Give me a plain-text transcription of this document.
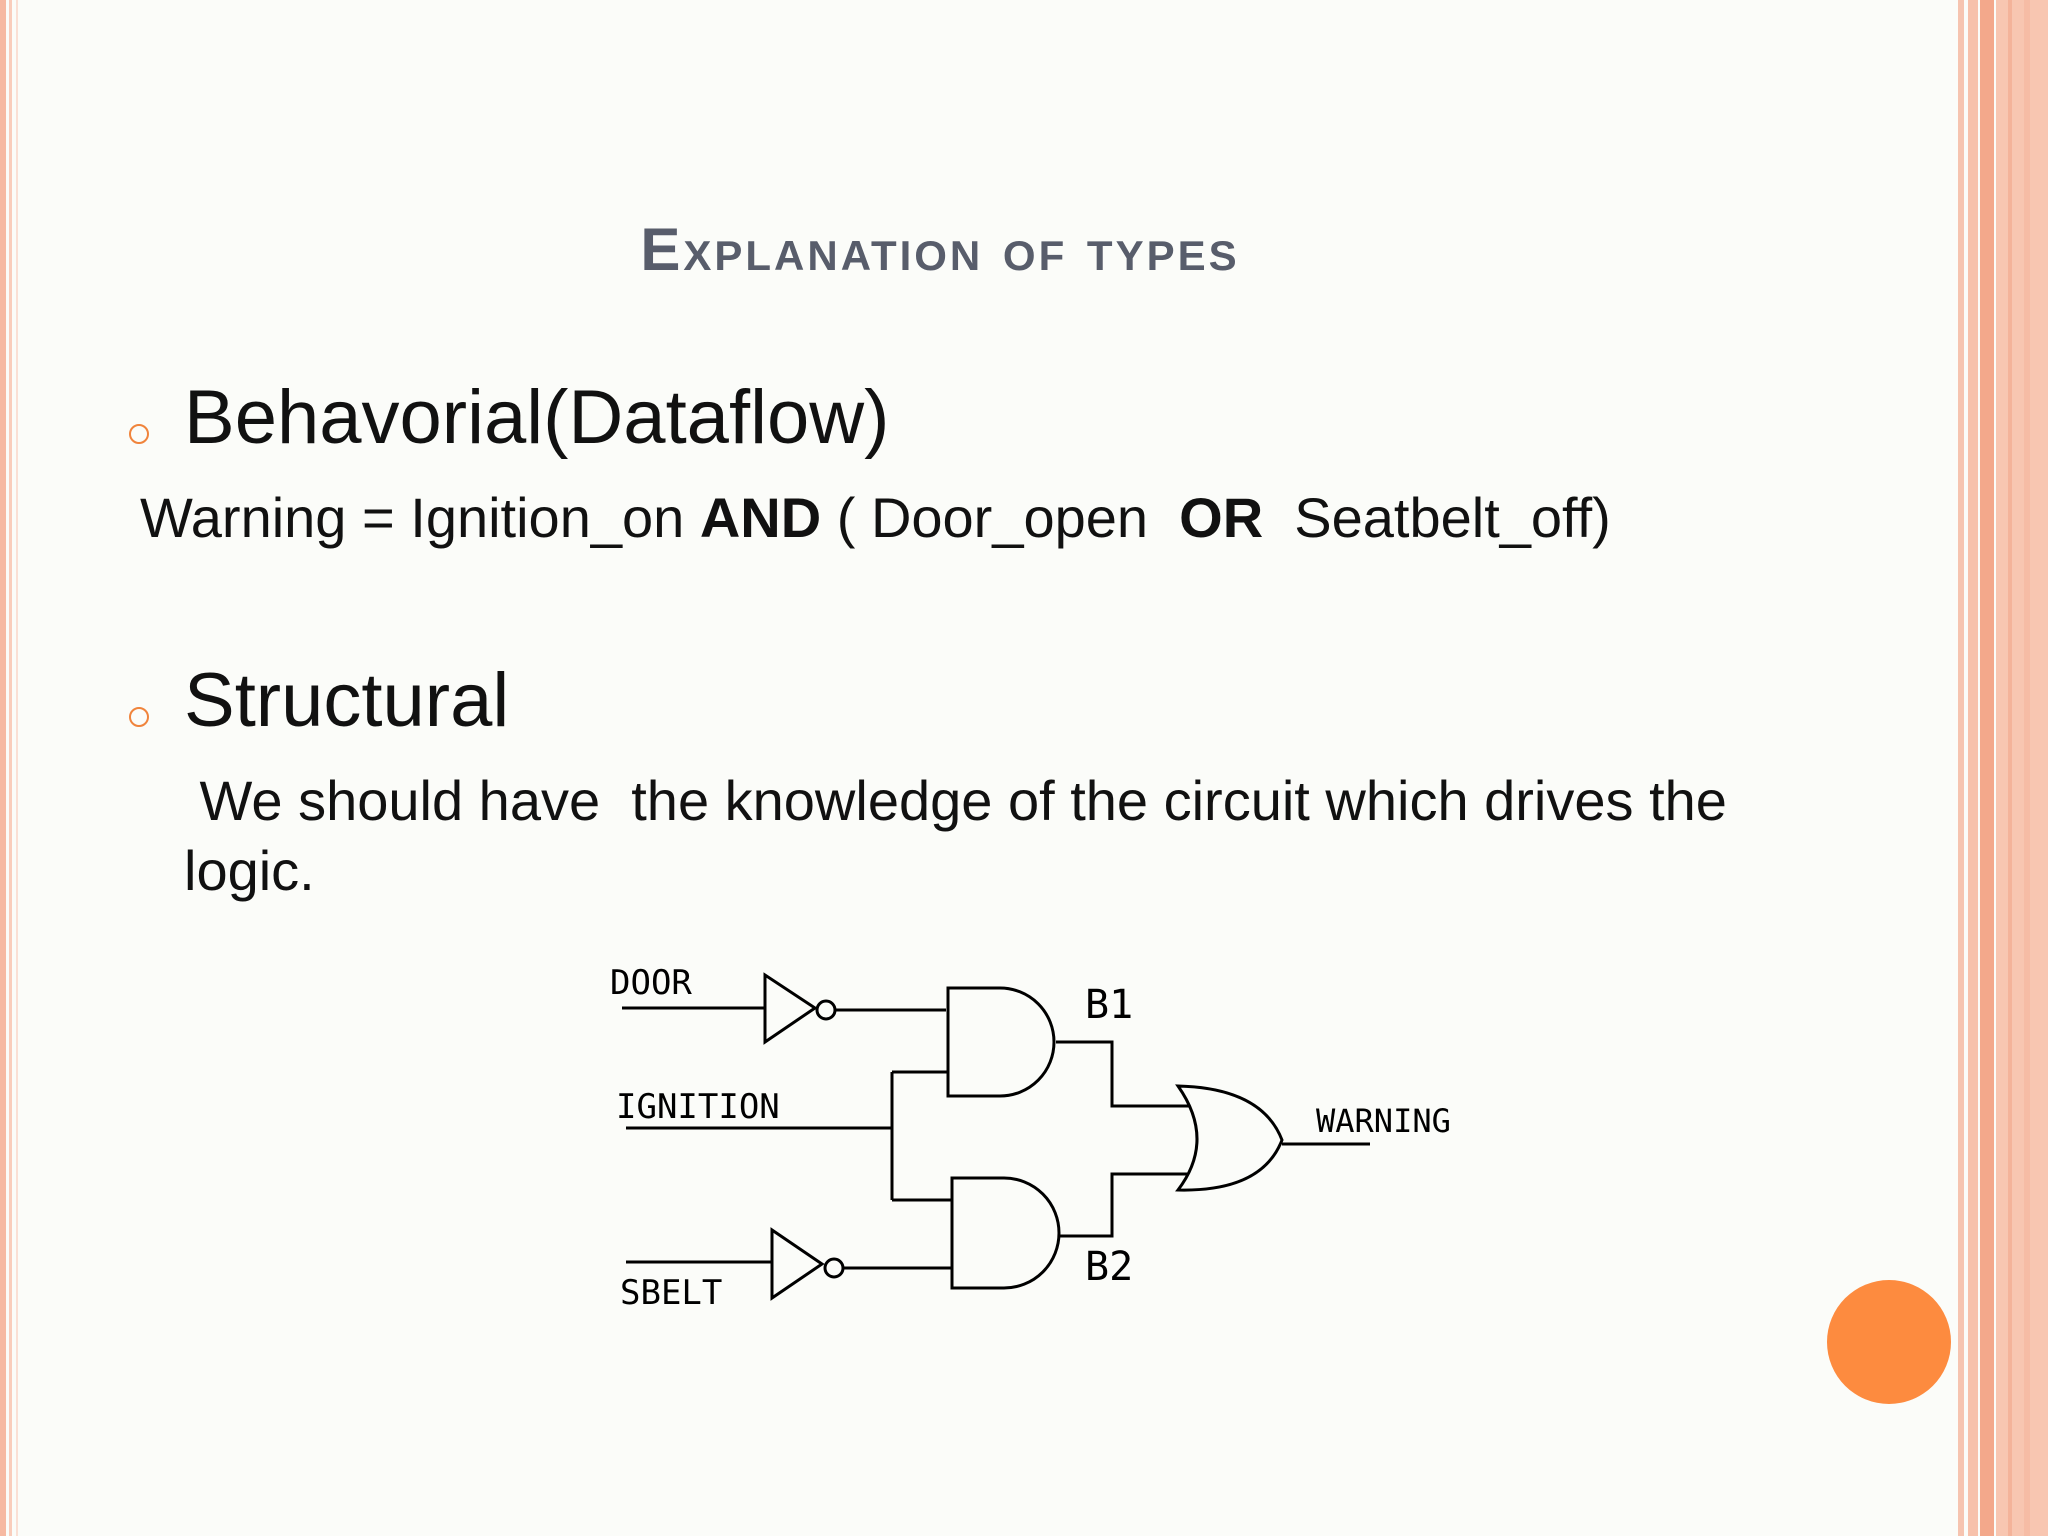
Explanation of types
Behavorial(Dataflow)
Warning = Ignition_on AND ( Door_open  OR  Seatbelt_off)
Structural
We should have  the knowledge of the circuit which drives the
logic.
DOOR
IGNITION
SBELT
B1
B2
WARNING
